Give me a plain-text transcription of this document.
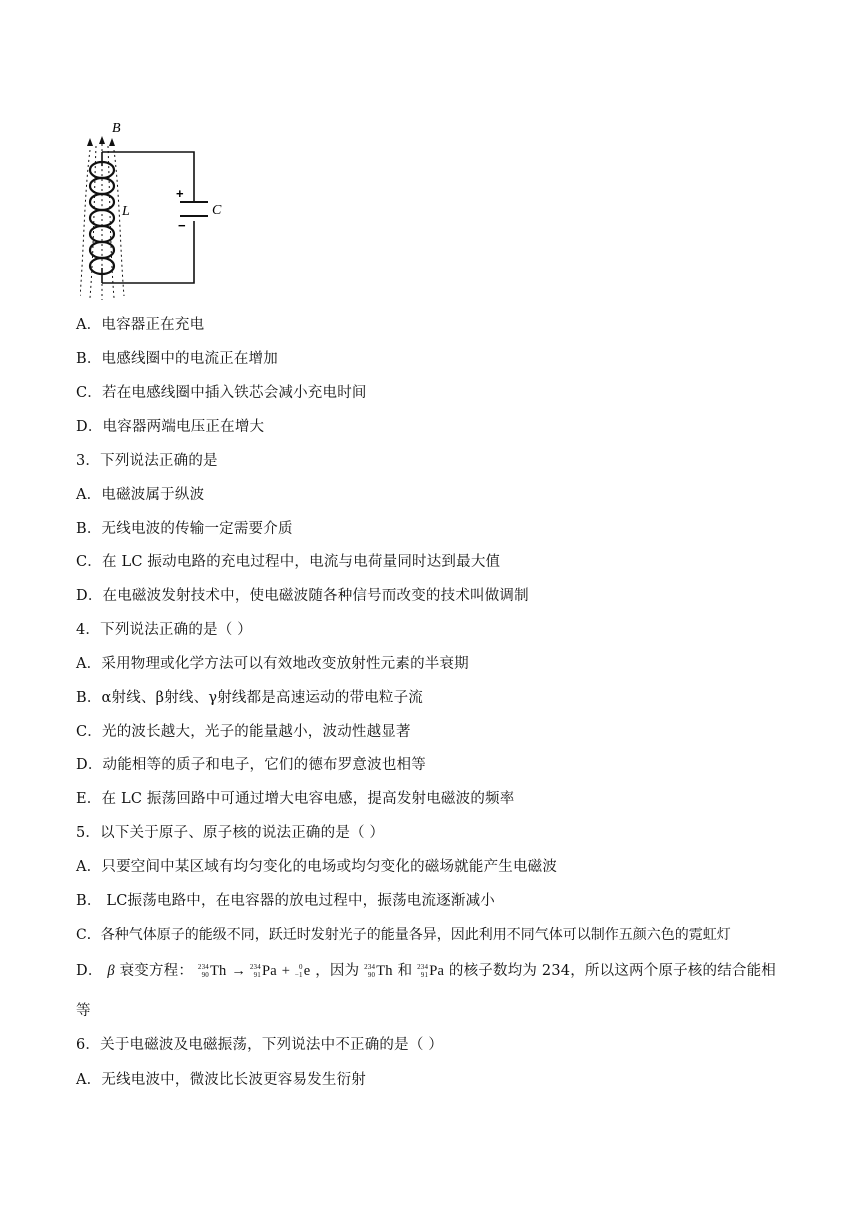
B
L	C
+
−
A．电容器正在充电
B．电感线圈中的电流正在增加
C．若在电感线圈中插入铁芯会减小充电时间
D．电容器两端电压正在增大
3．下列说法正确的是
A．电磁波属于纵波
B．无线电波的传输一定需要介质
C．在 LC 振动电路的充电过程中，电流与电荷量同时达到最大值
D．在电磁波发射技术中，使电磁波随各种信号而改变的技术叫做调制
4．下列说法正确的是（ ）
A．采用物理或化学方法可以有效地改变放射性元素的半衰期
B．α射线、β射线、γ射线都是高速运动的带电粒子流
C．光的波长越大，光子的能量越小，波动性越显著
D．动能相等的质子和电子，它们的德布罗意波也相等
E．在 LC 振荡回路中可通过增大电容电感，提高发射电磁波的频率
5．以下关于原子、原子核的说法正确的是（ ）
A．只要空间中某区域有均匀变化的电场或均匀变化的磁场就能产生电磁波
B． LC振荡电路中，在电容器的放电过程中，振荡电流逐渐减小
C．各种气体原子的能级不同，跃迁时发射光子的能量各异，因此利用不同气体可以制作五颜六色的霓虹灯
D． β 衰变方程： 234
90 Th → 234
91 Pa +	0
−1 e ，因为 234
90 Th 和 234
91 Pa 的核子数均为 234，所以这两个原子核的结合能相
等
6．关于电磁波及电磁振荡，下列说法中不正确的是（ ）
A．无线电波中，微波比长波更容易发生衍射
